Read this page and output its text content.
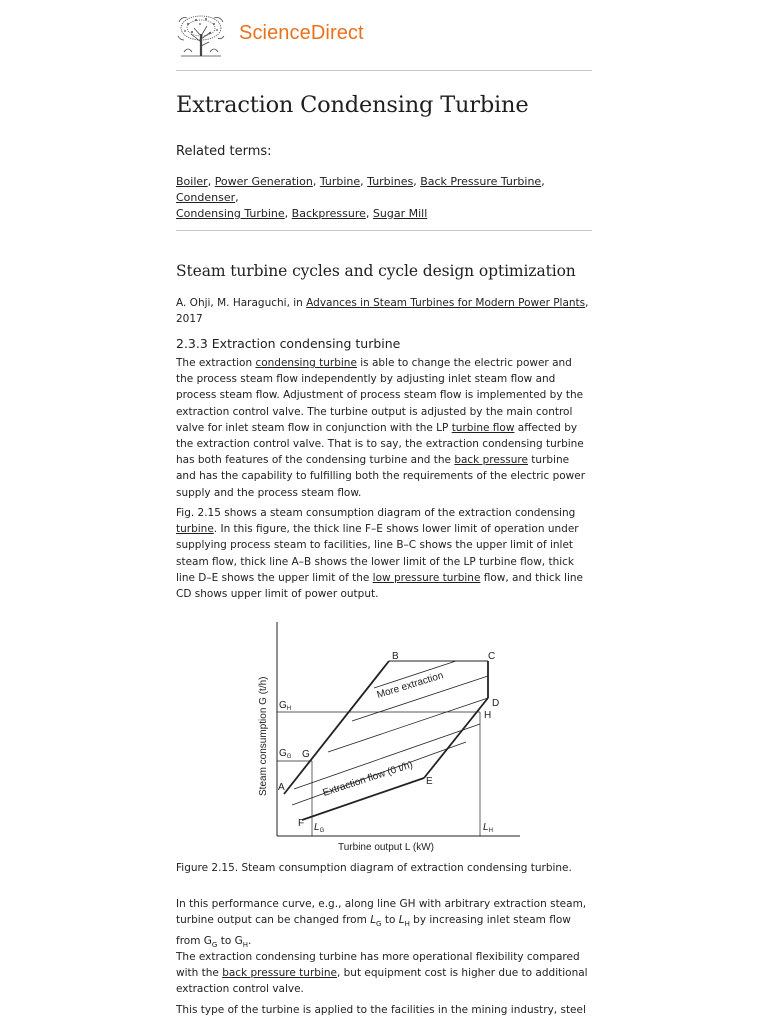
ScienceDirect
Extraction Condensing Turbine
Related terms:
Boiler, Power Generation, Turbine, Turbines, Back Pressure Turbine, Condenser,
Condensing Turbine, Backpressure, Sugar Mill
Steam turbine cycles and cycle design optimization
A. Ohji, M. Haraguchi, in Advances in Steam Turbines for Modern Power Plants, 2017
2.3.3 Extraction condensing turbine

The extraction condensing turbine is able to change the electric power and the process steam flow independently by adjusting inlet steam flow and process steam flow. Adjustment of process steam flow is implemented by the extraction control valve. The turbine output is adjusted by the main control valve for inlet steam flow in conjunction with the LP turbine flow affected by the extraction control valve. That is to say, the extraction condensing turbine has both features of the condensing turbine and the back pressure turbine and has the capability to fulfilling both the requirements of the electric power supply and the process steam flow.

Fig. 2.15 shows a steam consumption diagram of the extraction condensing turbine. In this figure, the thick line F–E shows lower limit of operation under supplying process steam to facilities, line B–C shows the upper limit of inlet steam flow, thick line A–B shows the lower limit of the LP turbine flow, thick line D–E shows the upper limit of the low pressure turbine flow, and thick line CD shows upper limit of power output.

B	C
D
H
G
A
E
F
$G_H$
$G_G$
$L_G$	$L_H$
More extraction
Extraction flow (0 t/h)
Steam consumption G (t/h)
Turbine output L (kW)
Figure 2.15. Steam consumption diagram of extraction condensing turbine.

In this performance curve, e.g., along line GH with arbitrary extraction steam, turbine output can be changed from $L_G$ to $L_H$ by increasing inlet steam flow from $G_G$ to $G_H$.

The extraction condensing turbine has more operational flexibility compared with the back pressure turbine, but equipment cost is higher due to additional extraction control valve.

This type of the turbine is applied to the facilities in the mining industry, steel
